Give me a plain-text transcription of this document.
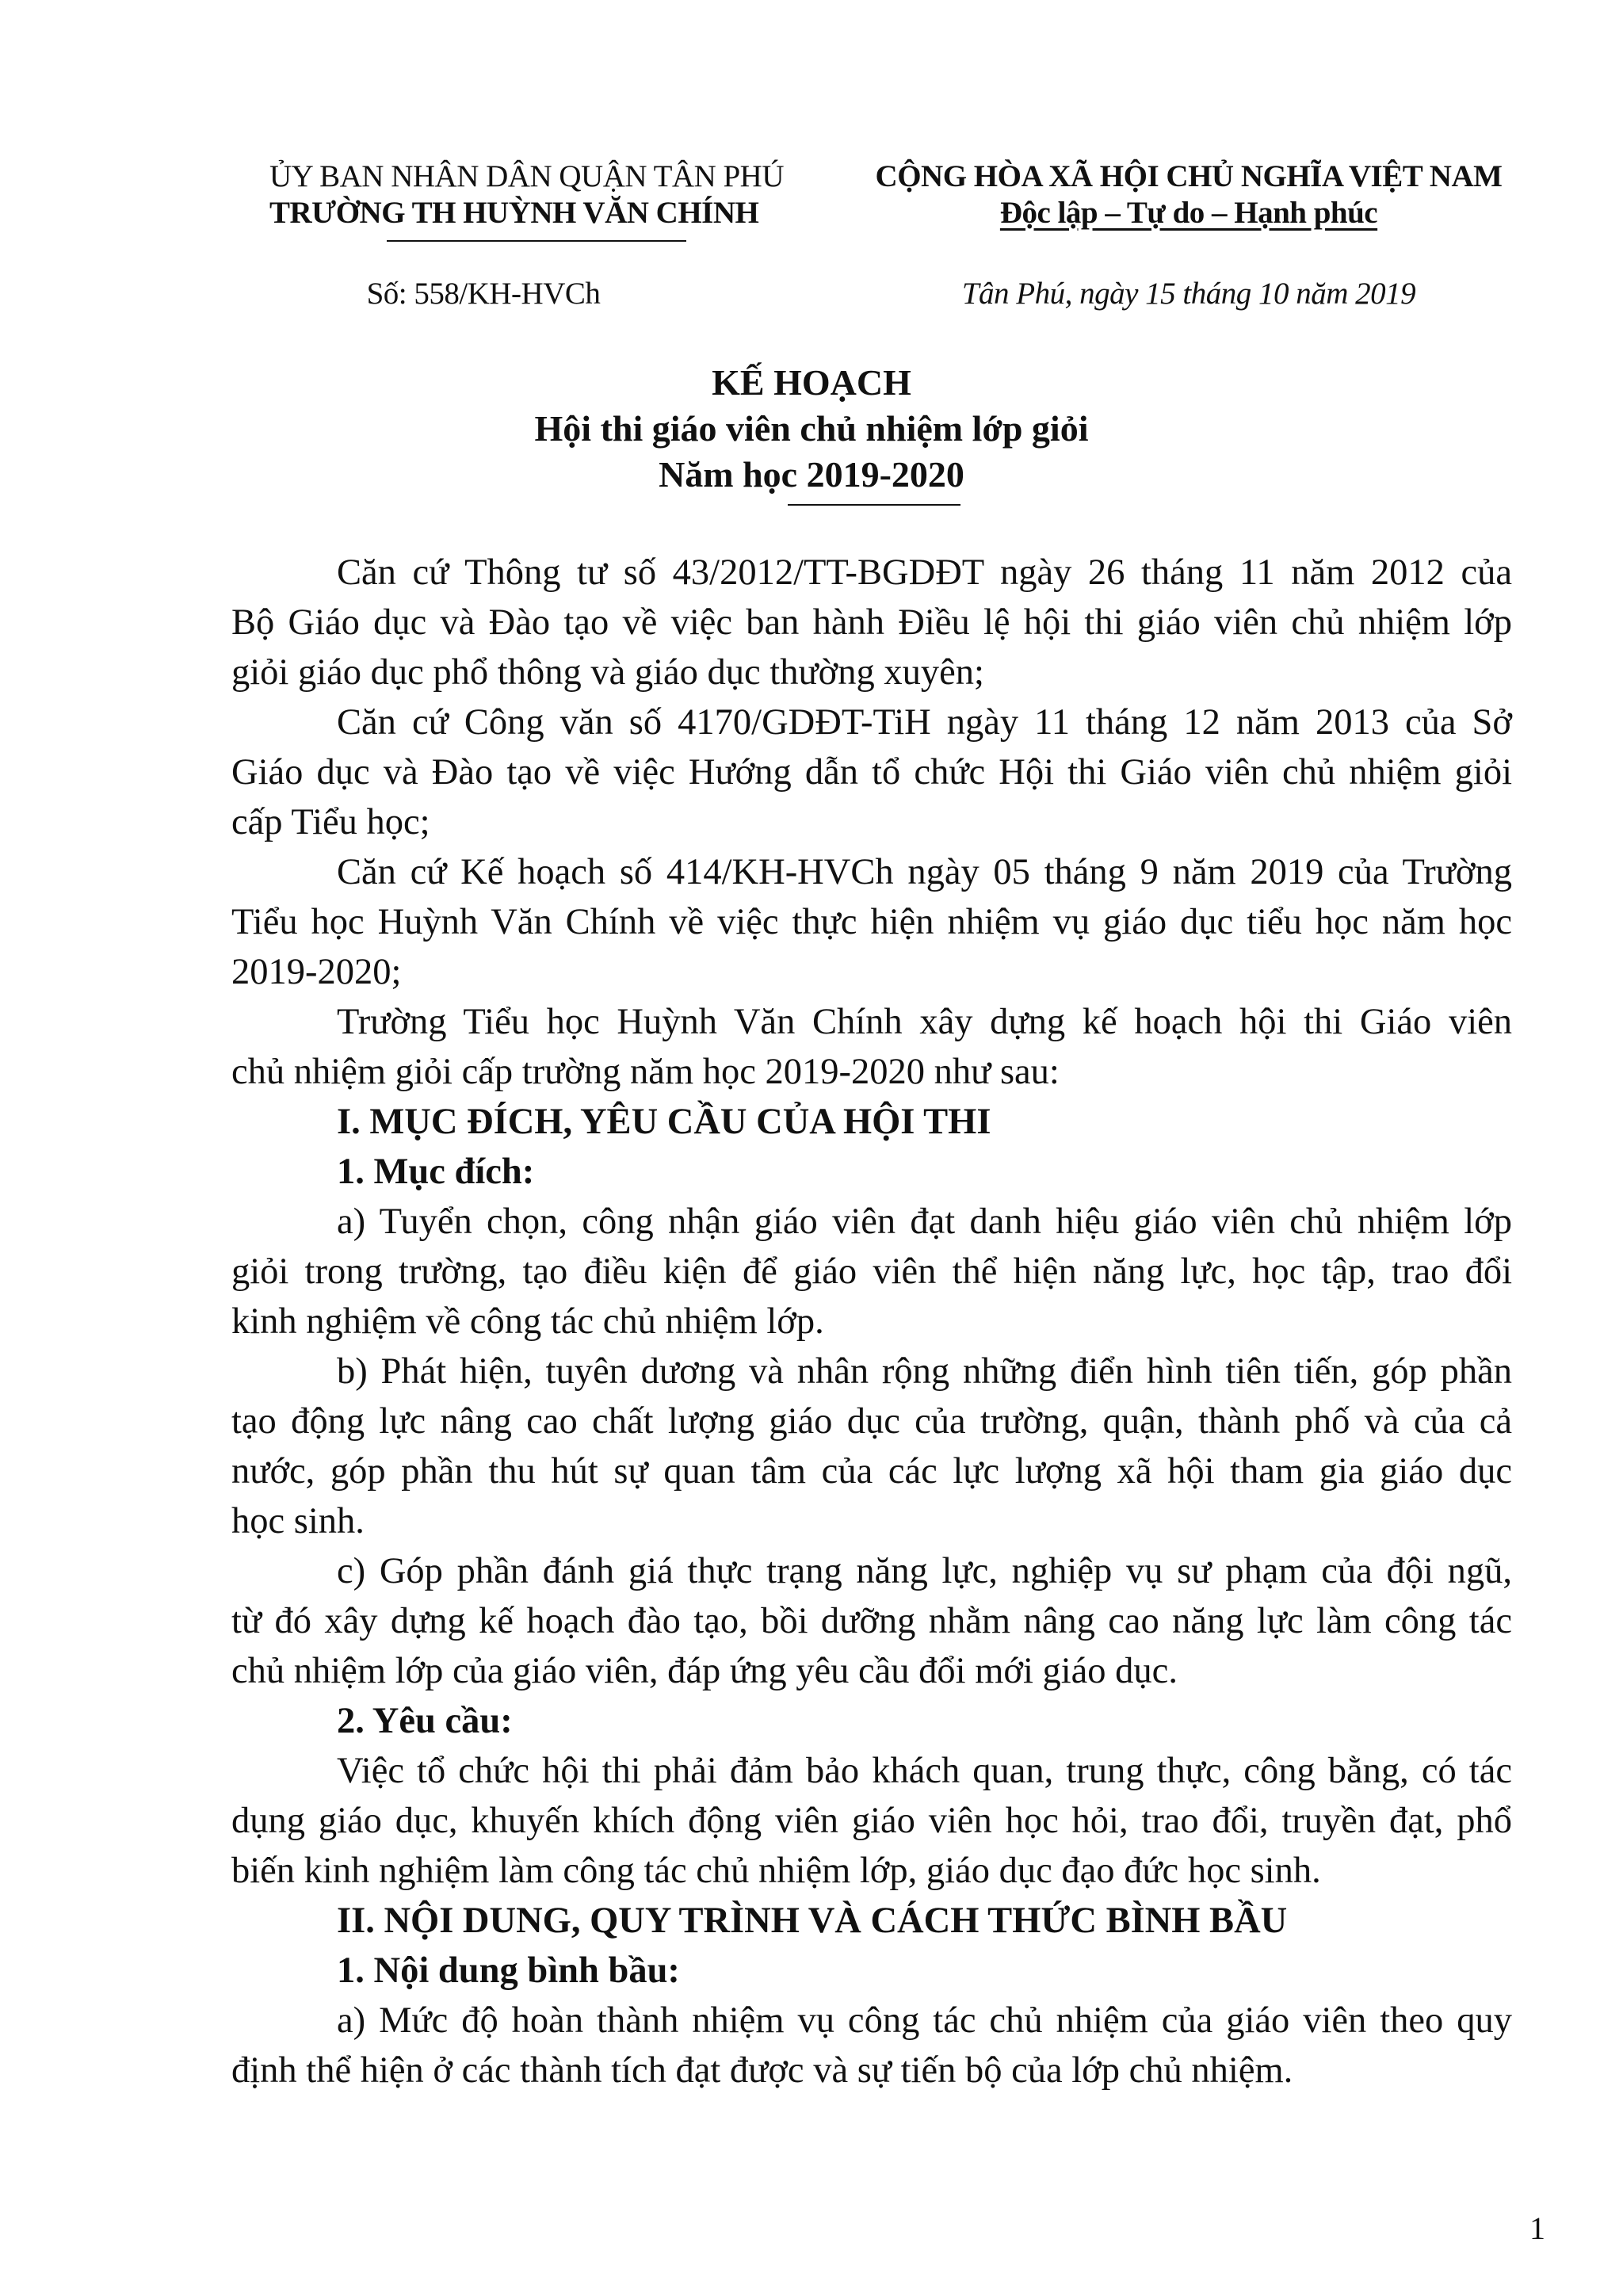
ỦY BAN NHÂN DÂN QUẬN TÂN PHÚ
TRƯỜNG TH HUỲNH VĂN CHÍNH
CỘNG HÒA XÃ HỘI CHỦ NGHĨA VIỆT NAM
Độc lập – Tự do – Hạnh phúc
Số: 558/KH-HVCh	Tân Phú, ngày 15 tháng 10 năm 2019
KẾ HOẠCH
Hội thi giáo viên chủ nhiệm lớp giỏi
Năm học 2019-2020
Căn cứ Thông tư số 43/2012/TT-BGDĐT ngày 26 tháng 11 năm 2012 của
Bộ Giáo dục và Đào tạo về việc ban hành Điều lệ hội thi giáo viên chủ nhiệm lớp
giỏi giáo dục phổ thông và giáo dục thường xuyên;
Căn cứ Công văn số 4170/GDĐT-TiH ngày 11 tháng 12 năm 2013 của Sở
Giáo dục và Đào tạo về việc Hướng dẫn tổ chức Hội thi Giáo viên chủ nhiệm giỏi
cấp Tiểu học;
Căn cứ Kế hoạch số 414/KH-HVCh ngày 05 tháng 9 năm 2019 của Trường
Tiểu học Huỳnh Văn Chính về việc thực hiện nhiệm vụ giáo dục tiểu học năm học
2019-2020;
Trường Tiểu học Huỳnh Văn Chính xây dựng kế hoạch hội thi Giáo viên
chủ nhiệm giỏi cấp trường năm học 2019-2020 như sau:
I. MỤC ĐÍCH, YÊU CẦU CỦA HỘI THI
1. Mục đích:
a) Tuyển chọn, công nhận giáo viên đạt danh hiệu giáo viên chủ nhiệm lớp
giỏi trong trường, tạo điều kiện để giáo viên thể hiện năng lực, học tập, trao đổi
kinh nghiệm về công tác chủ nhiệm lớp.
b) Phát hiện, tuyên dương và nhân rộng những điển hình tiên tiến, góp phần
tạo động lực nâng cao chất lượng giáo dục của trường, quận, thành phố và của cả
nước, góp phần thu hút sự quan tâm của các lực lượng xã hội tham gia giáo dục
học sinh.
c) Góp phần đánh giá thực trạng năng lực, nghiệp vụ sư phạm của đội ngũ,
từ đó xây dựng kế hoạch đào tạo, bồi dưỡng nhằm nâng cao năng lực làm công tác
chủ nhiệm lớp của giáo viên, đáp ứng yêu cầu đổi mới giáo dục.
2. Yêu cầu:
Việc tổ chức hội thi phải đảm bảo khách quan, trung thực, công bằng, có tác
dụng giáo dục, khuyến khích động viên giáo viên học hỏi, trao đổi, truyền đạt, phổ
biến kinh nghiệm làm công tác chủ nhiệm lớp, giáo dục đạo đức học sinh.
II. NỘI DUNG, QUY TRÌNH VÀ CÁCH THỨC BÌNH BẦU
1. Nội dung bình bầu:
a) Mức độ hoàn thành nhiệm vụ công tác chủ nhiệm của giáo viên theo quy
định thể hiện ở các thành tích đạt được và sự tiến bộ của lớp chủ nhiệm.
1
